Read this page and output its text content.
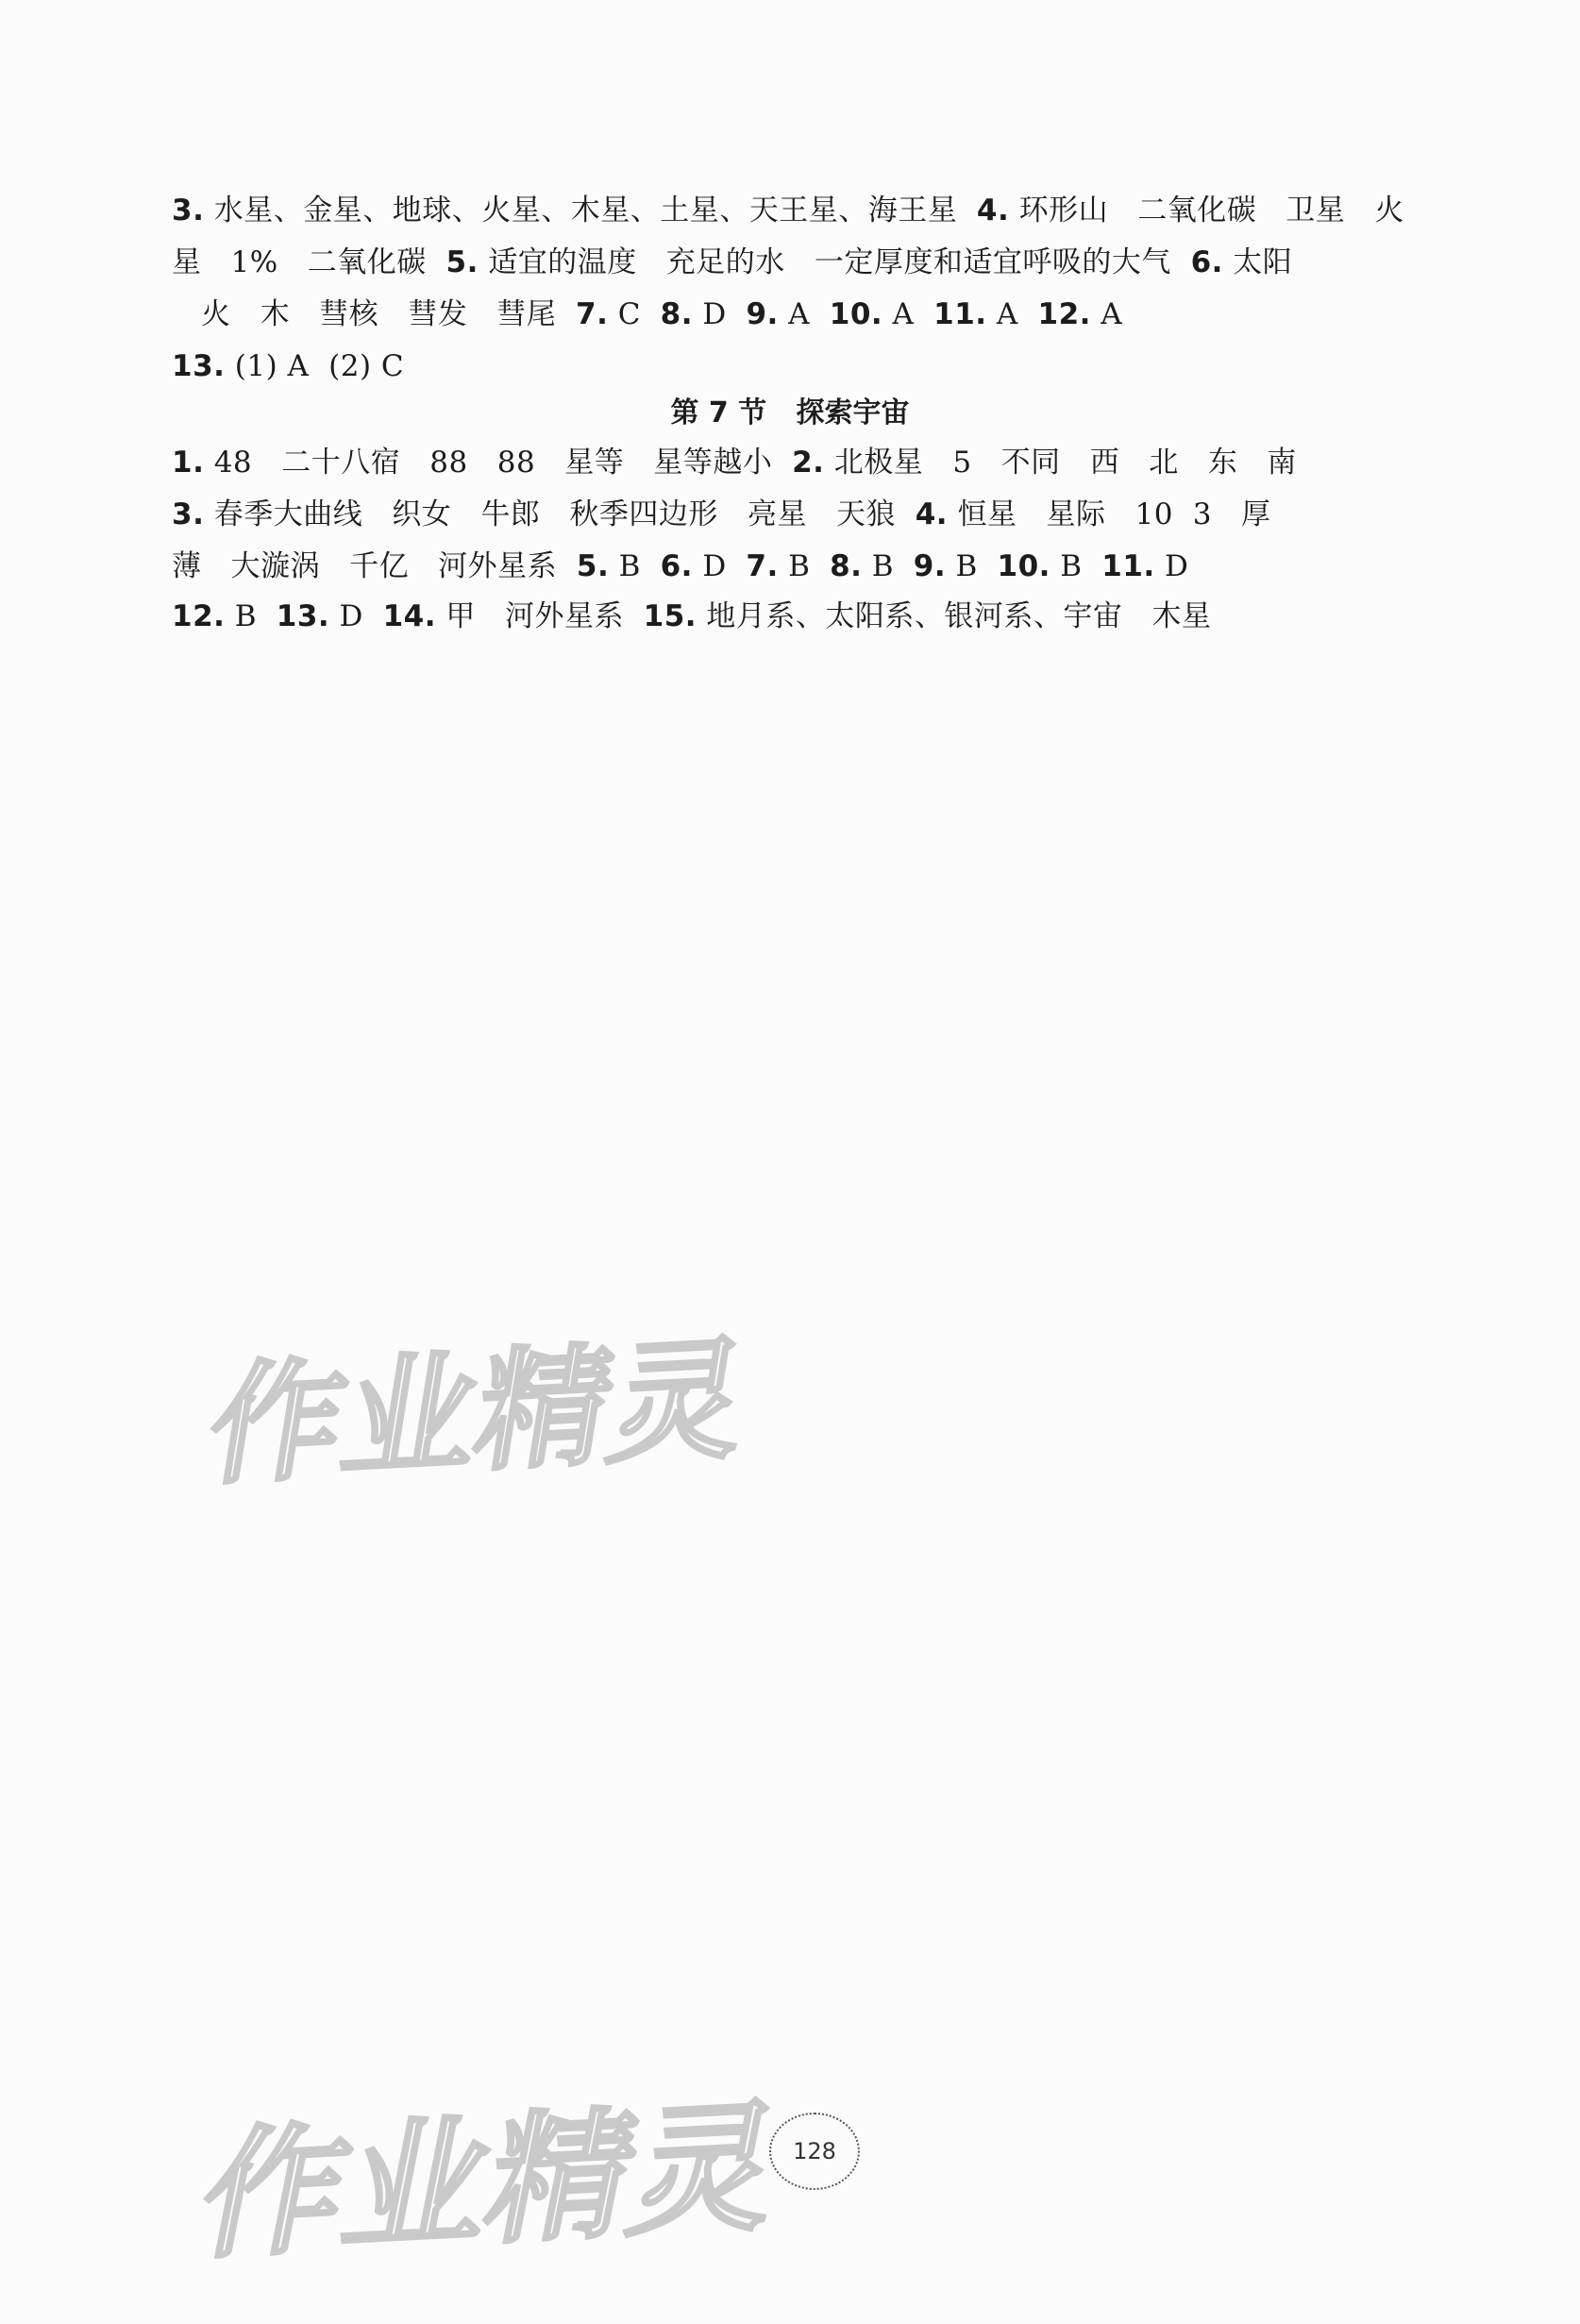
3. 水星、金星、地球、火星、木星、土星、天王星、海王星  4. 环形山   二氧化碳   卫星   火
星   1%   二氧化碳  5. 适宜的温度   充足的水   一定厚度和适宜呼吸的大气  6. 太阳
火   木   彗核   彗发   彗尾  7. C  8. D  9. A  10. A  11. A  12. A
13. (1) A  (2) C
第 7 节   探索宇宙
1. 48   二十八宿   88   88   星等   星等越小  2. 北极星   5   不同   西   北   东   南
3. 春季大曲线   织女   牛郎   秋季四边形   亮星   天狼  4. 恒星   星际   10  3   厚
薄   大漩涡   千亿   河外星系  5. B  6. D  7. B  8. B  9. B  10. B  11. D
12. B  13. D  14. 甲   河外星系  15. 地月系、太阳系、银河系、宇宙   木星
作业精灵
作业精灵 128
